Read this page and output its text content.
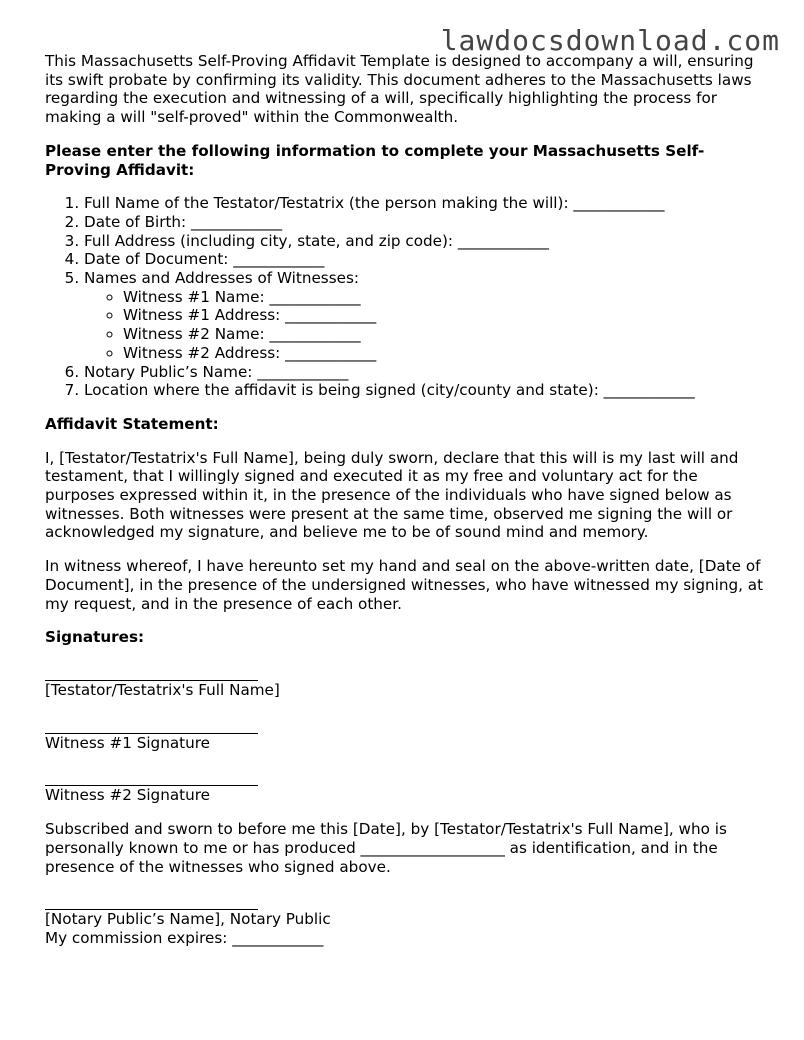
lawdocsdownload.com

This Massachusetts Self-Proving Affidavit Template is designed to accompany a will, ensuring its swift probate by confirming its validity. This document adheres to the Massachusetts laws regarding the execution and witnessing of a will, specifically highlighting the process for making a will "self-proved" within the Commonwealth.

Please enter the following information to complete your Massachusetts Self-Proving Affidavit:

1. Full Name of the Testator/Testatrix (the person making the will): ____________
2. Date of Birth: ____________
3. Full Address (including city, state, and zip code): ____________
4. Date of Document: ____________
5. Names and Addresses of Witnesses:
◦ Witness #1 Name: ____________
◦ Witness #1 Address: ____________
◦ Witness #2 Name: ____________
◦ Witness #2 Address: ____________
6. Notary Public’s Name: ____________
7. Location where the affidavit is being signed (city/county and state): ____________

Affidavit Statement:

I, [Testator/Testatrix's Full Name], being duly sworn, declare that this will is my last will and testament, that I willingly signed and executed it as my free and voluntary act for the purposes expressed within it, in the presence of the individuals who have signed below as witnesses. Both witnesses were present at the same time, observed me signing the will or acknowledged my signature, and believe me to be of sound mind and memory.

In witness whereof, I have hereunto set my hand and seal on the above-written date, [Date of Document], in the presence of the undersigned witnesses, who have witnessed my signing, at my request, and in the presence of each other.

Signatures:

[Testator/Testatrix's Full Name]

Witness #1 Signature

Witness #2 Signature

Subscribed and sworn to before me this [Date], by [Testator/Testatrix's Full Name], who is personally known to me or has produced ___________________ as identification, and in the presence of the witnesses who signed above.

[Notary Public’s Name], Notary Public

My commission expires: ____________
